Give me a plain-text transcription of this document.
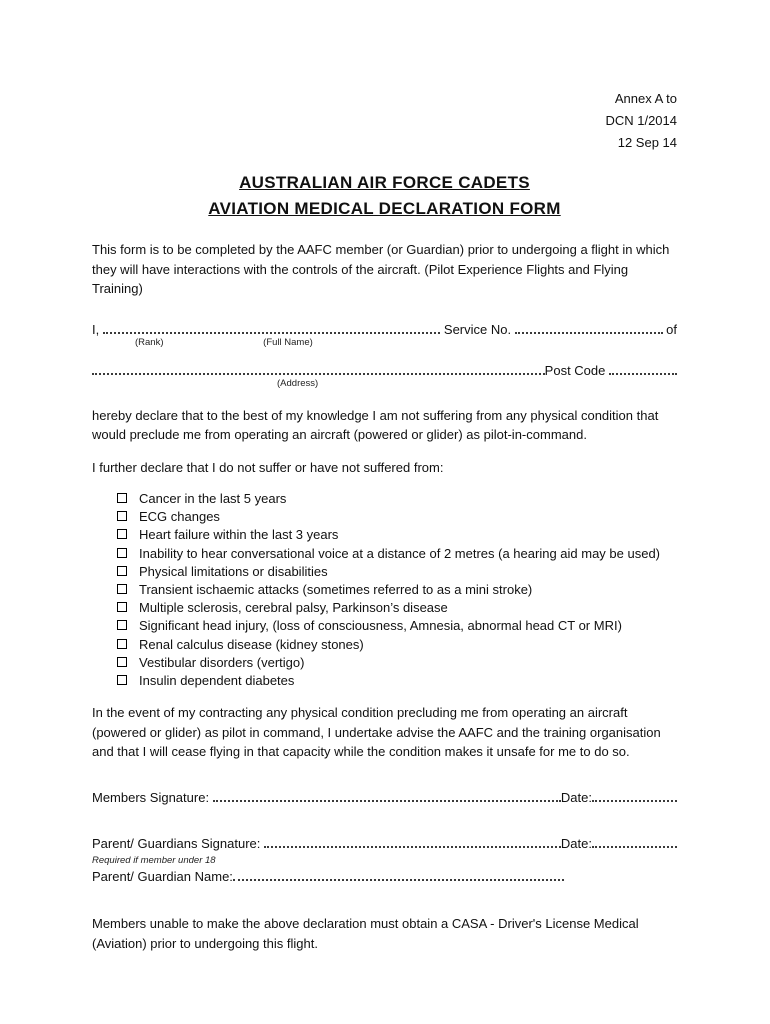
Annex A to
DCN 1/2014
12 Sep 14
AUSTRALIAN AIR FORCE CADETS
AVIATION MEDICAL DECLARATION FORM

This form is to be completed by the AAFC member (or Guardian) prior to undergoing a flight in which they will have interactions with the controls of the aircraft. (Pilot Experience Flights and Flying Training)

I,	Service No.	of
(Rank)	(Full Name)
Post Code
(Address)

hereby declare that to the best of my knowledge I am not suffering from any physical condition that would preclude me from operating an aircraft (powered or glider) as pilot-in-command.

I further declare that I do not suffer or have not suffered from:

Cancer in the last 5 years
ECG changes
Heart failure within the last 3 years
Inability to hear conversational voice at a distance of 2 metres (a hearing aid may be used)
Physical limitations or disabilities
Transient ischaemic attacks (sometimes referred to as a mini stroke)
Multiple sclerosis, cerebral palsy, Parkinson’s disease
Significant head injury, (loss of consciousness, Amnesia, abnormal head CT or MRI)
Renal calculus disease (kidney stones)
Vestibular disorders (vertigo)
Insulin dependent diabetes

In the event of my contracting any physical condition precluding me from operating an aircraft (powered or glider) as pilot in command, I undertake advise the AAFC and the training organisation and that I will cease flying in that capacity while the condition makes it unsafe for me to do so.

Members Signature:	Date:
Parent/ Guardians Signature:	Date:
Required if member under 18
Parent/ Guardian Name:

Members unable to make the above declaration must obtain a CASA - Driver's License Medical (Aviation) prior to undergoing this flight.
